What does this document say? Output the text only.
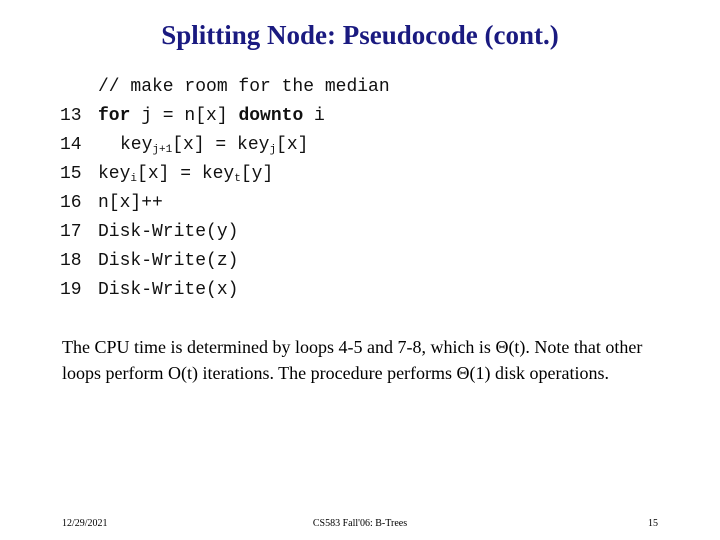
Splitting Node: Pseudocode (cont.)
// make room for the median
13 for j = n[x] downto i
14 key$_{j+1}$[x] = key$_j$[x]
15 key$_i$[x] = key$_t$[y]
16 n[x]++
17 Disk-Write(y)
18 Disk-Write(z)
19 Disk-Write(x)
The CPU time is determined by loops 4-5 and 7-8, which is Θ(t). Note that other loops perform O(t) iterations. The procedure performs Θ(1) disk operations.
12/29/2021	CS583 Fall'06: B-Trees	15
